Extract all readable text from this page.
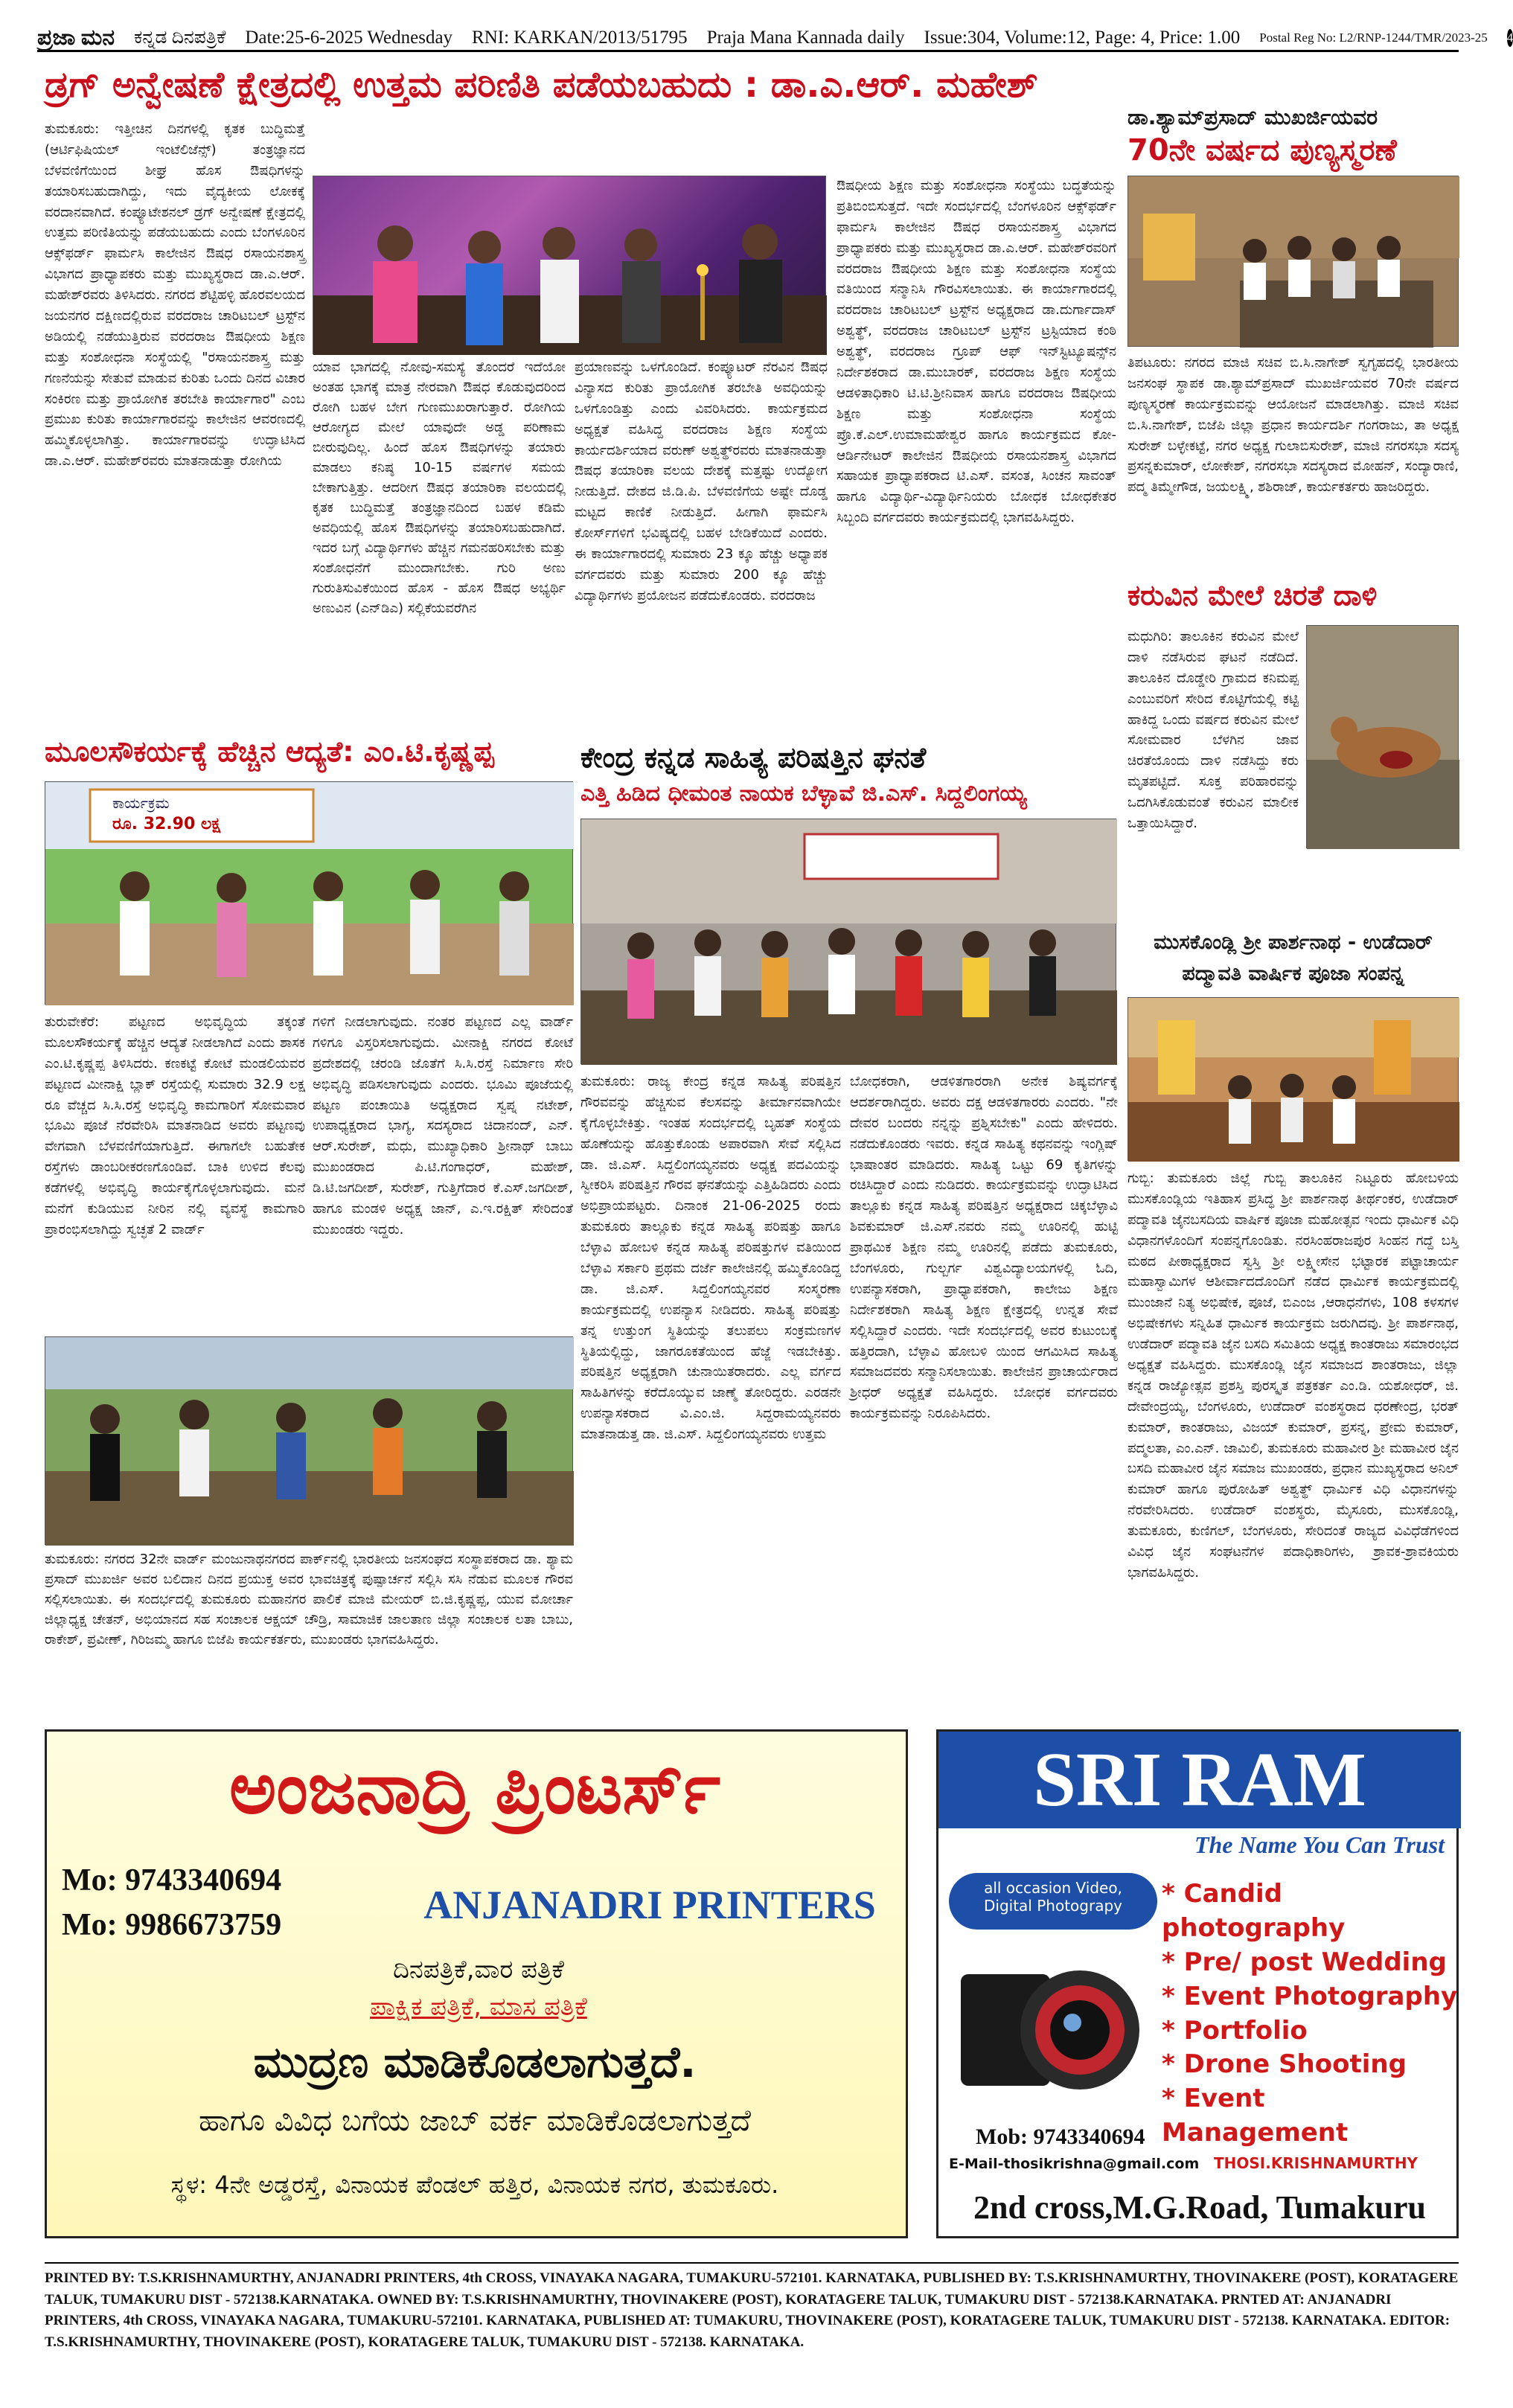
ಪ್ರಜಾ ಮನ ಕನ್ನಡ ದಿನಪತ್ರಿಕೆ Date:25-6-2025 Wednesday RNI: KARKAN/2013/51795 Praja Mana Kannada daily Issue:304, Volume:12, Page: 4, Price: 1.00 Postal Reg No: L2/RNP-1244/TMR/2023-25 4
ಡ್ರಗ್ ಅನ್ವೇಷಣೆ ಕ್ಷೇತ್ರದಲ್ಲಿ ಉತ್ತಮ ಪರಿಣಿತಿ ಪಡೆಯಬಹುದು : ಡಾ.ಎ.ಆರ್. ಮಹೇಶ್
ತುಮಕೂರು: ಇತ್ತೀಚಿನ ದಿನಗಳಲ್ಲಿ ಕೃತಕ ಬುದ್ಧಿಮತ್ತೆ (ಆರ್ಟಿಫಿಷಿಯಲ್ ಇಂಟೆಲಿಜೆನ್ಸ್) ತಂತ್ರಜ್ಞಾನದ ಬೆಳವಣಿಗೆಯಿಂದ ಶೀಘ್ರ ಹೊಸ ಔಷಧಿಗಳನ್ನು ತಯಾರಿಸಬಹುದಾಗಿದ್ದು, ಇದು ವೈದ್ಯಕೀಯ ಲೋಕಕ್ಕೆ ವರದಾನವಾಗಿದೆ. ಕಂಪ್ಯೂಟೇಶನಲ್ ಡ್ರಗ್ ಅನ್ವೇಷಣೆ ಕ್ಷೇತ್ರದಲ್ಲಿ ಉತ್ತಮ ಪರಿಣಿತಿಯನ್ನು ಪಡೆಯಬಹುದು ಎಂದು ಬೆಂಗಳೂರಿನ ಆಕ್ಸ್‌ಫರ್ಡ್ ಫಾರ್ಮಸಿ ಕಾಲೇಜಿನ ಔಷಧ ರಸಾಯನಶಾಸ್ತ್ರ ವಿಭಾಗದ ಪ್ರಾಧ್ಯಾಪಕರು ಮತ್ತು ಮುಖ್ಯಸ್ಥರಾದ ಡಾ.ಎ.ಆರ್. ಮಹೇಶ್‌ರವರು ತಿಳಿಸಿದರು. ನಗರದ ಶೆಟ್ಟಿಹಳ್ಳಿ ಹೊರವಲಯದ ಜಯನಗರ ದಕ್ಷಿಣದಲ್ಲಿರುವ ವರದರಾಜ ಚಾರಿಟಬಲ್ ಟ್ರಸ್ಟ್‌ನ ಅಡಿಯಲ್ಲಿ ನಡೆಯುತ್ತಿರುವ ವರದರಾಜ ಔಷಧೀಯ ಶಿಕ್ಷಣ ಮತ್ತು ಸಂಶೋಧನಾ ಸಂಸ್ಥೆಯಲ್ಲಿ "ರಸಾಯನಶಾಸ್ತ್ರ ಮತ್ತು ಗಣನೆಯನ್ನು ಸೇತುವೆ ಮಾಡುವ ಕುರಿತು ಒಂದು ದಿನದ ವಿಚಾರ ಸಂಕಿರಣ ಮತ್ತು ಪ್ರಾಯೋಗಿಕ ತರಬೇತಿ ಕಾರ್ಯಾಗಾರ" ಎಂಬ ಪ್ರಮುಖ ಕುರಿತು ಕಾರ್ಯಾಗಾರವನ್ನು ಕಾಲೇಜಿನ ಆವರಣದಲ್ಲಿ ಹಮ್ಮಿಕೊಳ್ಳಲಾಗಿತ್ತು. ಕಾರ್ಯಾಗಾರವನ್ನು ಉದ್ಘಾಟಿಸಿದ ಡಾ.ಎ.ಆರ್. ಮಹೇಶ್‌ರವರು ಮಾತನಾಡುತ್ತಾ ರೋಗಿಯ
ಯಾವ ಭಾಗದಲ್ಲಿ ನೋವು-ಸಮಸ್ಯೆ ತೊಂದರೆ ಇದೆಯೋ ಅಂತಹ ಭಾಗಕ್ಕೆ ಮಾತ್ರ ನೇರವಾಗಿ ಔಷಧ ಕೊಡುವುದರಿಂದ ರೋಗಿ ಬಹಳ ಬೇಗ ಗುಣಮುಖರಾಗುತ್ತಾರೆ. ರೋಗಿಯ ಆರೋಗ್ಯದ ಮೇಲೆ ಯಾವುದೇ ಅಡ್ಡ ಪರಿಣಾಮ ಬೀರುವುದಿಲ್ಲ. ಹಿಂದೆ ಹೊಸ ಔಷಧಿಗಳನ್ನು ತಯಾರು ಮಾಡಲು ಕನಿಷ್ಠ 10-15 ವರ್ಷಗಳ ಸಮಯ ಬೇಕಾಗುತ್ತಿತ್ತು. ಆದರೀಗ ಔಷಧ ತಯಾರಿಕಾ ವಲಯದಲ್ಲಿ ಕೃತಕ ಬುದ್ಧಿಮತ್ತೆ ತಂತ್ರಜ್ಞಾನದಿಂದ ಬಹಳ ಕಡಿಮೆ ಅವಧಿಯಲ್ಲಿ ಹೊಸ ಔಷಧಿಗಳನ್ನು ತಯಾರಿಸಬಹುದಾಗಿದೆ. ಇದರ ಬಗ್ಗೆ ವಿದ್ಯಾರ್ಥಿಗಳು ಹೆಚ್ಚಿನ ಗಮನಹರಿಸಬೇಕು ಮತ್ತು ಸಂಶೋಧನೆಗೆ ಮುಂದಾಗಬೇಕು. ಗುರಿ ಅಣು ಗುರುತಿಸುವಿಕೆಯಿಂದ ಹೊಸ - ಹೊಸ ಔಷಧ ಅಭ್ಯರ್ಥಿ ಅಣುವಿನ (ಎನ್‌ಡಿಎ) ಸಲ್ಲಿಕೆಯವರೆಗಿನ
ಪ್ರಯಾಣವನ್ನು ಒಳಗೊಂಡಿದೆ. ಕಂಪ್ಯೂಟರ್ ನೆರವಿನ ಔಷಧ ವಿನ್ಯಾಸದ ಕುರಿತು ಪ್ರಾಯೋಗಿಕ ತರಬೇತಿ ಅವಧಿಯನ್ನು ಒಳಗೊಂಡಿತ್ತು ಎಂದು ವಿವರಿಸಿದರು. ಕಾರ್ಯಕ್ರಮದ ಅಧ್ಯಕ್ಷತೆ ವಹಿಸಿದ್ದ ವರದರಾಜ ಶಿಕ್ಷಣ ಸಂಸ್ಥೆಯ ಕಾರ್ಯದರ್ಶಿಯಾದ ವರುಣ್ ಅಶ್ವತ್ಥ್‌ರವರು ಮಾತನಾಡುತ್ತಾ ಔಷಧ ತಯಾರಿಕಾ ವಲಯ ದೇಶಕ್ಕೆ ಮತ್ತಷ್ಟು ಉದ್ಯೋಗ ನೀಡುತ್ತಿದೆ. ದೇಶದ ಜಿ.ಡಿ.ಪಿ. ಬೆಳವಣಿಗೆಯ ಅಷ್ಟೇ ದೊಡ್ಡ ಮಟ್ಟದ ಕಾಣಿಕೆ ನೀಡುತ್ತಿದೆ. ಹೀಗಾಗಿ ಫಾರ್ಮಸಿ ಕೋರ್ಸ್‌ಗಳಿಗೆ ಭವಿಷ್ಯದಲ್ಲಿ ಬಹಳ ಬೇಡಿಕೆಯಿದೆ ಎಂದರು. ಈ ಕಾರ್ಯಾಗಾರದಲ್ಲಿ ಸುಮಾರು 23 ಕ್ಕೂ ಹೆಚ್ಚು ಅಧ್ಯಾಪಕ ವರ್ಗದವರು ಮತ್ತು ಸುಮಾರು 200 ಕ್ಕೂ ಹೆಚ್ಚು ವಿದ್ಯಾರ್ಥಿಗಳು ಪ್ರಯೋಜನ ಪಡೆದುಕೊಂಡರು. ವರದರಾಜ
ಔಷಧೀಯ ಶಿಕ್ಷಣ ಮತ್ತು ಸಂಶೋಧನಾ ಸಂಸ್ಥೆಯು ಬದ್ಧತೆಯನ್ನು ಪ್ರತಿಬಿಂಬಿಸುತ್ತದೆ. ಇದೇ ಸಂದರ್ಭದಲ್ಲಿ ಬೆಂಗಳೂರಿನ ಆಕ್ಸ್‌ಫರ್ಡ್ ಫಾರ್ಮಸಿ ಕಾಲೇಜಿನ ಔಷಧ ರಸಾಯನಶಾಸ್ತ್ರ ವಿಭಾಗದ ಪ್ರಾಧ್ಯಾಪಕರು ಮತ್ತು ಮುಖ್ಯಸ್ಥರಾದ ಡಾ.ಎ.ಆರ್. ಮಹೇಶ್‌ರವರಿಗೆ ವರದರಾಜ ಔಷಧೀಯ ಶಿಕ್ಷಣ ಮತ್ತು ಸಂಶೋಧನಾ ಸಂಸ್ಥೆಯ ವತಿಯಿಂದ ಸನ್ಮಾನಿಸಿ ಗೌರವಿಸಲಾಯಿತು. ಈ ಕಾರ್ಯಾಗಾರದಲ್ಲಿ ವರದರಾಜ ಚಾರಿಟಬಲ್ ಟ್ರಸ್ಟ್‌ನ ಅಧ್ಯಕ್ಷರಾದ ಡಾ.ದುರ್ಗಾದಾಸ್ ಅಶ್ವತ್ಥ್, ವರದರಾಜ ಚಾರಿಟಬಲ್ ಟ್ರಸ್ಟ್‌ನ ಟ್ರಸ್ಟಿಯಾದ ಕಂಠಿ ಅಶ್ವತ್ಥ್, ವರದರಾಜ ಗ್ರೂಪ್ ಆಫ್ ಇನ್‌ಸ್ಟಿಟ್ಯೂಷನ್ಸ್‌ನ ನಿರ್ದೇಶಕರಾದ ಡಾ.ಮುಬಾರಕ್, ವರದರಾಜ ಶಿಕ್ಷಣ ಸಂಸ್ಥೆಯ ಆಡಳಿತಾಧಿಕಾರಿ ಟಿ.ಟಿ.ಶ್ರೀನಿವಾಸ ಹಾಗೂ ವರದರಾಜ ಔಷಧೀಯ ಶಿಕ್ಷಣ ಮತ್ತು ಸಂಶೋಧನಾ ಸಂಸ್ಥೆಯ ಪ್ರೊ.ಕೆ.ಎಲ್.ಉಮಾಮಹೇಶ್ವರ ಹಾಗೂ ಕಾರ್ಯಕ್ರಮದ ಕೋ-ಆರ್ಡಿನೇಟರ್ ಕಾಲೇಜಿನ ಔಷಧೀಯ ರಸಾಯನಶಾಸ್ತ್ರ ವಿಭಾಗದ ಸಹಾಯಕ ಪ್ರಾಧ್ಯಾಪಕರಾದ ಟಿ.ಎಸ್. ವಸಂತ, ಸಿಂಚನ ಸಾವಂತ್ ಹಾಗೂ ವಿದ್ಯಾರ್ಥಿ-ವಿದ್ಯಾರ್ಥಿನಿಯರು ಬೋಧಕ ಬೋಧಕೇತರ ಸಿಬ್ಬಂದಿ ವರ್ಗದವರು ಕಾರ್ಯಕ್ರಮದಲ್ಲಿ ಭಾಗವಹಿಸಿದ್ದರು.
ಡಾ.ಶ್ಯಾಮ್‌ಪ್ರಸಾದ್ ಮುಖರ್ಜಿಯವರ
70ನೇ ವರ್ಷದ ಪುಣ್ಯಸ್ಮರಣೆ
ತಿಪಟೂರು: ನಗರದ ಮಾಜಿ ಸಚಿವ ಬಿ.ಸಿ.ನಾಗೇಶ್ ಸ್ವಗೃಹದಲ್ಲಿ ಭಾರತೀಯ ಜನಸಂಘ ಸ್ಥಾಪಕ ಡಾ.ಶ್ಯಾಮ್‌ಪ್ರಸಾದ್ ಮುಖರ್ಜಿಯವರ 70ನೇ ವರ್ಷದ ಪುಣ್ಯಸ್ಮರಣೆ ಕಾರ್ಯಕ್ರಮವನ್ನು ಆಯೋಜನೆ ಮಾಡಲಾಗಿತ್ತು. ಮಾಜಿ ಸಚಿವ ಬಿ.ಸಿ.ನಾಗೇಶ್, ಬಿಜೆಪಿ ಜಿಲ್ಲಾ ಪ್ರಧಾನ ಕಾರ್ಯದರ್ಶಿ ಗಂಗರಾಜು, ತಾ ಅಧ್ಯಕ್ಷ ಸುರೇಶ್ ಬಳ್ಳೇಕಟ್ಟೆ, ನಗರ ಅಧ್ಯಕ್ಷ ಗುಲಾಬಿಸುರೇಶ್, ಮಾಜಿ ನಗರಸಭಾ ಸದಸ್ಯ ಪ್ರಸನ್ನಕುಮಾರ್, ಲೋಕೇಶ್, ನಗರಸಭಾ ಸದಸ್ಯರಾದ ಮೋಹನ್, ಸಂದ್ಯಾರಾಣಿ, ಪದ್ಮ ತಿಮ್ಮೇಗೌಡ, ಜಯಲಕ್ಷ್ಮಿ, ಶಶಿರಾಜ್, ಕಾರ್ಯಕರ್ತರು ಹಾಜರಿದ್ದರು.
ಕರುವಿನ ಮೇಲೆ ಚಿರತೆ ದಾಳಿ
ಮಧುಗಿರಿ: ತಾಲೂಕಿನ ಕರುವಿನ ಮೇಲೆ ದಾಳಿ ನಡೆಸಿರುವ ಘಟನೆ ನಡೆದಿದೆ. ತಾಲೂಕಿನ ದೊಡ್ಡೇರಿ ಗ್ರಾಮದ ಕನಿಮಪ್ಪ ಎಂಬುವರಿಗೆ ಸೇರಿದ ಕೊಟ್ಟಿಗೆಯಲ್ಲಿ ಕಟ್ಟಿ ಹಾಕಿದ್ದ ಒಂದು ವರ್ಷದ ಕರುವಿನ ಮೇಲೆ ಸೋಮವಾರ ಬೆಳಗಿನ ಜಾವ ಚಿರತೆಯೊಂದು ದಾಳಿ ನಡೆಸಿದ್ದು ಕರು ಮೃತಪಟ್ಟಿದೆ. ಸೂಕ್ತ ಪರಿಹಾರವನ್ನು ಒದಗಿಸಿಕೊಡುವಂತೆ ಕರುವಿನ ಮಾಲೀಕ ಒತ್ತಾಯಿಸಿದ್ದಾರೆ.
ಮುಸಕೊಂಡ್ಲಿ ಶ್ರೀ ಪಾರ್ಶನಾಥ - ಉಡೆದಾರ್
ಪದ್ಮಾವತಿ ವಾರ್ಷಿಕ ಪೂಜಾ ಸಂಪನ್ನ
ಗುಬ್ಬಿ: ತುಮಕೂರು ಜಿಲ್ಲೆ ಗುಬ್ಬಿ ತಾಲೂಕಿನ ನಿಟ್ಟೂರು ಹೋಬಳಿಯ ಮುಸಕೊಂಡ್ಲಿಯ ಇತಿಹಾಸ ಪ್ರಸಿದ್ಧ ಶ್ರೀ ಪಾರ್ಶನಾಥ ತೀರ್ಥಂಕರ, ಉಡೆದಾರ್ ಪದ್ಮಾವತಿ ಜೈನಬಸದಿಯ ವಾರ್ಷಿಕ ಪೂಜಾ ಮಹೋತ್ಸವ ಇಂದು ಧಾರ್ಮಿಕ ವಿಧಿ ವಿಧಾನಗಳೊಂದಿಗೆ ಸಂಪನ್ನಗೊಂಡಿತು. ನರಸಿಂಹರಾಜಪುರ ಸಿಂಹನ ಗದ್ದೆ ಬಸ್ತಿ ಮಠದ ಪೀಠಾಧ್ಯಕ್ಷರಾದ ಸ್ವಸ್ತಿ ಶ್ರೀ ಲಕ್ಷ್ಮೀಸೇನ ಭಟ್ಟಾರಕ ಪಟ್ಟಾಚಾರ್ಯ ಮಹಾಸ್ವಾಮಿಗಳ ಆಶೀರ್ವಾದದೊಂದಿಗೆ ನಡೆದ ಧಾರ್ಮಿಕ ಕಾರ್ಯಕ್ರಮದಲ್ಲಿ ಮುಂಜಾನೆ ನಿತ್ಯ ಅಭಿಷೇಕ, ಪೂಜೆ, ಬಿಎಂಜ ,ಆರಾಧನೆಗಳು, 108 ಕಳಸಗಳ ಅಭಿಷೇಕಗಳು ಸನ್ನಿಹಿತ ಧಾರ್ಮಿಕ ಕಾರ್ಯಕ್ರಮ ಜರುಗಿದವು. ಶ್ರೀ ಪಾರ್ಶನಾಥ, ಉಡೆದಾರ್ ಪದ್ಮಾವತಿ ಜೈನ ಬಸದಿ ಸಮಿತಿಯ ಅಧ್ಯಕ್ಷ ಕಾಂತರಾಜು ಸಮಾರಂಭದ ಅಧ್ಯಕ್ಷತೆ ವಹಿಸಿದ್ದರು. ಮುಸಕೊಂಡ್ಲಿ ಜೈನ ಸಮಾಜದ ಶಾಂತರಾಜು, ಜಿಲ್ಲಾ ಕನ್ನಡ ರಾಜ್ಯೋತ್ಸವ ಪ್ರಶಸ್ತಿ ಪುರಸ್ಕೃತ ಪತ್ರಕರ್ತ ಎಂ.ಡಿ. ಯಶೋಧರ್, ಜಿ. ದೇವೇಂದ್ರಯ್ಯ, ಬೆಂಗಳೂರು, ಉಡೆದಾರ್ ವಂಶಸ್ಥರಾದ ಧರಣೇಂದ್ರ, ಭರತ್ ಕುಮಾರ್, ಕಾಂತರಾಜು, ವಿಜಯ್ ಕುಮಾರ್, ಪ್ರಸನ್ನ, ಪ್ರೇಮ ಕುಮಾರ್, ಪದ್ಮಲತಾ, ಎಂ.ಎನ್. ಜಾಮಿಲಿ, ತುಮಕೂರು ಮಹಾವೀರ ಶ್ರೀ ಮಹಾವೀರ ಜೈನ ಬಸದಿ ಮಹಾವೀರ ಜೈನ ಸಮಾಜ ಮುಖಂಡರು, ಪ್ರಧಾನ ಮುಖ್ಯಸ್ಥರಾದ ಅನಿಲ್ ಕುಮಾರ್ ಹಾಗೂ ಪುರೋಹಿತ್ ಅಶ್ವತ್ಥ್ ಧಾರ್ಮಿಕ ವಿಧಿ ವಿಧಾನಗಳನ್ನು ನೆರವೇರಿಸಿದರು. ಉಡೆದಾರ್ ವಂಶಸ್ಥರು, ಮೈಸೂರು, ಮುಸಕೊಂಡ್ಲಿ, ತುಮಕೂರು, ಕುಣಿಗಲ್, ಬೆಂಗಳೂರು, ಸೇರಿದಂತೆ ರಾಜ್ಯದ ವಿವಿಧೆಡೆಗಳಿಂದ ವಿವಿಧ ಜೈನ ಸಂಘಟನೆಗಳ ಪದಾಧಿಕಾರಿಗಳು, ಶ್ರಾವಕ-ಶ್ರಾವಕಿಯರು ಭಾಗವಹಿಸಿದ್ದರು.
ಮೂಲಸೌಕರ್ಯಕ್ಕೆ ಹೆಚ್ಚಿನ ಆದ್ಯತೆ: ಎಂ.ಟಿ.ಕೃಷ್ಣಪ್ಪ
ಕಾರ್ಯಕ್ರಮ
ರೂ. 32.90 ಲಕ್ಷ
ತುರುವೇಕೆರೆ: ಪಟ್ಟಣದ ಅಭಿವೃದ್ಧಿಯ ತಕ್ಕಂತೆ ಮೂಲಸೌಕರ್ಯಕ್ಕೆ ಹೆಚ್ಚಿನ ಆದ್ಯತೆ ನೀಡಲಾಗಿದೆ ಎಂದು ಶಾಸಕ ಎಂ.ಟಿ.ಕೃಷ್ಣಪ್ಪ ತಿಳಿಸಿದರು. ಕಣಕಟ್ಟೆ ಕೋಟೆ ಮಂಡಲಿಯವರ ಪಟ್ಟಣದ ಮೀನಾಕ್ಷಿ ಬ್ಲಾಕ್ ರಸ್ತೆಯಲ್ಲಿ ಸುಮಾರು 32.9 ಲಕ್ಷ ರೂ ವೆಚ್ಚದ ಸಿ.ಸಿ.ರಸ್ತೆ ಅಭಿವೃದ್ಧಿ ಕಾಮಗಾರಿಗೆ ಸೋಮವಾರ ಭೂಮಿ ಪೂಜೆ ನೆರವೇರಿಸಿ ಮಾತನಾಡಿದ ಅವರು ಪಟ್ಟಣವು ವೇಗವಾಗಿ ಬೆಳವಣಿಗೆಯಾಗುತ್ತಿದೆ. ಈಗಾಗಲೇ ಬಹುತೇಕ ರಸ್ತೆಗಳು ಡಾಂಬರೀಕರಣಗೊಂಡಿವೆ. ಬಾಕಿ ಉಳಿದ ಕೆಲವು ಕಡೆಗಳಲ್ಲಿ ಅಭಿವೃದ್ಧಿ ಕಾರ್ಯಕೈಗೊಳ್ಳಲಾಗುವುದು. ಮನೆ ಮನೆಗೆ ಕುಡಿಯುವ ನೀರಿನ ನಲ್ಲಿ ವ್ಯವಸ್ಥೆ ಕಾಮಗಾರಿ ಪ್ರಾರಂಭಿಸಲಾಗಿದ್ದು ಸ್ವಚ್ಛತೆ 2 ವಾರ್ಡ್
ಗಳಿಗೆ ನೀಡಲಾಗುವುದು. ನಂತರ ಪಟ್ಟಣದ ಎಲ್ಲ ವಾರ್ಡ್ ಗಳಿಗೂ ವಿಸ್ತರಿಸಲಾಗುವುದು. ಮೀನಾಕ್ಷಿ ನಗರದ ಕೋಟೆ ಪ್ರದೇಶದಲ್ಲಿ ಚರಂಡಿ ಜೊತೆಗೆ ಸಿ.ಸಿ.ರಸ್ತೆ ನಿರ್ಮಾಣ ಸೇರಿ ಅಭಿವೃದ್ಧಿ ಪಡಿಸಲಾಗುವುದು ಎಂದರು. ಭೂಮಿ ಪೂಜೆಯಲ್ಲಿ ಪಟ್ಟಣ ಪಂಚಾಯಿತಿ ಅಧ್ಯಕ್ಷರಾದ ಸ್ವಪ್ನ ನಟೇಶ್, ಉಪಾಧ್ಯಕ್ಷರಾದ ಭಾಗ್ಯ, ಸದಸ್ಯರಾದ ಚಿದಾನಂದ್, ಎನ್. ಆರ್.ಸುರೇಶ್, ಮಧು, ಮುಖ್ಯಾಧಿಕಾರಿ ಶ್ರೀನಾಥ್ ಬಾಬು ಮುಖಂಡರಾದ ಪಿ.ಟಿ.ಗಂಗಾಧರ್, ಮಹೇಶ್, ಡಿ.ಟಿ.ಜಗದೀಶ್, ಸುರೇಶ್, ಗುತ್ತಿಗೆದಾರ ಕೆ.ಎಸ್.ಜಗದೀಶ್, ಹಾಗೂ ಮಂಡಳಿ ಅಧ್ಯಕ್ಷ ಜಾನ್, ಎ.ಇ.ರಕ್ಷಿತ್ ಸೇರಿದಂತೆ ಮುಖಂಡರು ಇದ್ದರು.
ತುಮಕೂರು: ನಗರದ 32ನೇ ವಾರ್ಡ್ ಮಂಜುನಾಥನಗರದ ಪಾರ್ಕ್‌ನಲ್ಲಿ ಭಾರತೀಯ ಜನಸಂಘದ ಸಂಸ್ಥಾಪಕರಾದ ಡಾ. ಶ್ಯಾಮ ಪ್ರಸಾದ್ ಮುಖರ್ಜಿ ಅವರ ಬಲಿದಾನ ದಿನದ ಪ್ರಯುಕ್ತ ಅವರ ಭಾವಚಿತ್ರಕ್ಕೆ ಪುಷ್ಪಾರ್ಚನೆ ಸಲ್ಲಿಸಿ ಸಸಿ ನೆಡುವ ಮೂಲಕ ಗೌರವ ಸಲ್ಲಿಸಲಾಯಿತು. ಈ ಸಂದರ್ಭದಲ್ಲಿ ತುಮಕೂರು ಮಹಾನಗರ ಪಾಲಿಕೆ ಮಾಜಿ ಮೇಯರ್ ಬಿ.ಜಿ.ಕೃಷ್ಣಪ್ಪ, ಯುವ ಮೋರ್ಚಾ ಜಿಲ್ಲಾಧ್ಯಕ್ಷ ಚೇತನ್, ಅಭಿಯಾನದ ಸಹ ಸಂಚಾಲಕ ಆಕ್ಷಯ್ ಚೌಡ್ರಿ, ಸಾಮಾಜಿಕ ಜಾಲತಾಣ ಜಿಲ್ಲಾ ಸಂಚಾಲಕ ಲತಾ ಬಾಬು, ರಾಕೇಶ್, ಪ್ರವೀಣ್, ಗಿರಿಜಮ್ಮ ಹಾಗೂ ಬಿಜೆಪಿ ಕಾರ್ಯಕರ್ತರು, ಮುಖಂಡರು ಭಾಗವಹಿಸಿದ್ದರು.
ಕೇಂದ್ರ ಕನ್ನಡ ಸಾಹಿತ್ಯ ಪರಿಷತ್ತಿನ ಘನತೆ
ಎತ್ತಿ ಹಿಡಿದ ಧೀಮಂತ ನಾಯಕ ಬೆಳ್ಳಾವೆ ಜಿ.ಎಸ್. ಸಿದ್ದಲಿಂಗಯ್ಯ
ತುಮಕೂರು: ರಾಜ್ಯ ಕೇಂದ್ರ ಕನ್ನಡ ಸಾಹಿತ್ಯ ಪರಿಷತ್ತಿನ ಗೌರವವನ್ನು ಹೆಚ್ಚಿಸುವ ಕೆಲಸವನ್ನು ತೀರ್ಮಾನವಾಗಿಯೇ ಕೈಗೊಳ್ಳಬೇಕಿತ್ತು. ಇಂತಹ ಸಂದರ್ಭದಲ್ಲಿ ಬೃಹತ್ ಸಂಸ್ಥೆಯ ಹೊಣೆಯನ್ನು ಹೊತ್ತುಕೊಂಡು ಅಪಾರವಾಗಿ ಸೇವೆ ಸಲ್ಲಿಸಿದ ಡಾ. ಜಿ.ಎಸ್. ಸಿದ್ದಲಿಂಗಯ್ಯನವರು ಅಧ್ಯಕ್ಷ ಪದವಿಯನ್ನು ಸ್ವೀಕರಿಸಿ ಪರಿಷತ್ತಿನ ಗೌರವ ಘನತೆಯನ್ನು ಎತ್ತಿಹಿಡಿದರು ಎಂದು ಅಭಿಪ್ರಾಯಪಟ್ಟರು. ದಿನಾಂಕ 21-06-2025 ರಂದು ತುಮಕೂರು ತಾಲ್ಲೂಕು ಕನ್ನಡ ಸಾಹಿತ್ಯ ಪರಿಷತ್ತು ಹಾಗೂ ಬೆಳ್ಳಾವಿ ಹೋಬಳಿ ಕನ್ನಡ ಸಾಹಿತ್ಯ ಪರಿಷತ್ತುಗಳ ವತಿಯಿಂದ ಬೆಳ್ಳಾವಿ ಸರ್ಕಾರಿ ಪ್ರಥಮ ದರ್ಜೆ ಕಾಲೇಜಿನಲ್ಲಿ ಹಮ್ಮಿಕೊಂಡಿದ್ದ ಡಾ. ಜಿ.ಎಸ್. ಸಿದ್ದಲಿಂಗಯ್ಯನವರ ಸಂಸ್ಮರಣಾ ಕಾರ್ಯಕ್ರಮದಲ್ಲಿ ಉಪನ್ಯಾಸ ನೀಡಿದರು. ಸಾಹಿತ್ಯ ಪರಿಷತ್ತು ತನ್ನ ಉತ್ತುಂಗ ಸ್ಥಿತಿಯನ್ನು ತಲುಪಲು ಸಂಕ್ರಮಣಗಳ ಸ್ಥಿತಿಯಲ್ಲಿದ್ದು, ಜಾಗರೂಕತೆಯಿಂದ ಹೆಜ್ಜೆ ಇಡಬೇಕಿತ್ತು. ಪರಿಷತ್ತಿನ ಅಧ್ಯಕ್ಷರಾಗಿ ಚುನಾಯಿತರಾದರು. ಎಲ್ಲ ವರ್ಗದ ಸಾಹಿತಿಗಳನ್ನು ಕರೆದೊಯ್ಯುವ ಜಾಣ್ಮೆ ತೋರಿದ್ದರು. ಎರಡನೇ ಉಪನ್ಯಾಸಕರಾದ ವಿ.ಎಂ.ಜಿ. ಸಿದ್ದರಾಮಯ್ಯನವರು ಮಾತನಾಡುತ್ತ ಡಾ. ಜಿ.ಎಸ್. ಸಿದ್ದಲಿಂಗಯ್ಯನವರು ಉತ್ತಮ
ಬೋಧಕರಾಗಿ, ಆಡಳಿತಗಾರರಾಗಿ ಅನೇಕ ಶಿಷ್ಯವರ್ಗಕ್ಕೆ ಆದರ್ಶರಾಗಿದ್ದರು. ಅವರು ದಕ್ಷ ಆಡಳಿತಗಾರರು ಎಂದರು. "ನೇ ದೇವರ ಬಂದರು ನನ್ನನ್ನು ಪ್ರಶ್ನಿಸಬೇಕು" ಎಂದು ಹೇಳಿದರು. ನಡೆದುಕೊಂಡರು ಇವರು. ಕನ್ನಡ ಸಾಹಿತ್ಯ ಕಥನವನ್ನು ಇಂಗ್ಲಿಷ್ ಭಾಷಾಂತರ ಮಾಡಿದರು. ಸಾಹಿತ್ಯ ಒಟ್ಟು 69 ಕೃತಿಗಳನ್ನು ರಚಿಸಿದ್ದಾರೆ ಎಂದು ನುಡಿದರು. ಕಾರ್ಯಕ್ರಮವನ್ನು ಉದ್ಘಾಟಿಸಿದ ತಾಲ್ಲೂಕು ಕನ್ನಡ ಸಾಹಿತ್ಯ ಪರಿಷತ್ತಿನ ಅಧ್ಯಕ್ಷರಾದ ಚಿಕ್ಕಬೆಳ್ಳಾವಿ ಶಿವಕುಮಾರ್ ಜಿ.ಎಸ್.ನವರು ನಮ್ಮ ಊರಿನಲ್ಲಿ ಹುಟ್ಟಿ ಪ್ರಾಥಮಿಕ ಶಿಕ್ಷಣ ನಮ್ಮ ಊರಿನಲ್ಲಿ ಪಡೆದು ತುಮಕೂರು, ಬೆಂಗಳೂರು, ಗುಲ್ಬರ್ಗ ವಿಶ್ವವಿದ್ಯಾಲಯಗಳಲ್ಲಿ ಓದಿ, ಉಪನ್ಯಾಸಕರಾಗಿ, ಪ್ರಾಧ್ಯಾಪಕರಾಗಿ, ಕಾಲೇಜು ಶಿಕ್ಷಣ ನಿರ್ದೇಶಕರಾಗಿ ಸಾಹಿತ್ಯ ಶಿಕ್ಷಣ ಕ್ಷೇತ್ರದಲ್ಲಿ ಉನ್ನತ ಸೇವೆ ಸಲ್ಲಿಸಿದ್ದಾರೆ ಎಂದರು. ಇದೇ ಸಂದರ್ಭದಲ್ಲಿ ಅವರ ಕುಟುಂಬಕ್ಕೆ ಹತ್ತಿರದಾಗಿ, ಬೆಳ್ಳಾವಿ ಹೋಬಳಿ ಯಿಂದ ಆಗಮಿಸಿದ ಸಾಹಿತ್ಯ ಸಮಾಜದವರು ಸನ್ಮಾನಿಸಲಾಯಿತು. ಕಾಲೇಜಿನ ಪ್ರಾಚಾರ್ಯರಾದ ಶ್ರೀಧರ್ ಅಧ್ಯಕ್ಷತೆ ವಹಿಸಿದ್ದರು. ಬೋಧಕ ವರ್ಗದವರು ಕಾರ್ಯಕ್ರಮವನ್ನು ನಿರೂಪಿಸಿದರು.
ಅಂಜನಾದ್ರಿ ಪ್ರಿಂಟರ್ಸ್
Mo: 9743340694
Mo: 9986673759	ANJANADRI PRINTERS
ದಿನಪತ್ರಿಕೆ,ವಾರ ಪತ್ರಿಕೆ
ಪಾಕ್ಷಿಕ ಪತ್ರಿಕೆ, ಮಾಸ ಪತ್ರಿಕೆ
ಮುದ್ರಣ ಮಾಡಿಕೊಡಲಾಗುತ್ತದೆ.
ಹಾಗೂ ವಿವಿಧ ಬಗೆಯ ಜಾಬ್ ವರ್ಕ ಮಾಡಿಕೊಡಲಾಗುತ್ತದೆ
ಸ್ಥಳ: 4ನೇ ಅಡ್ಡರಸ್ತೆ, ವಿನಾಯಕ ಪೆಂಡಲ್ ಹತ್ತಿರ, ವಿನಾಯಕ ನಗರ, ತುಮಕೂರು.
SRI RAM
The Name You Can Trust
all occasion Video,
Digital Photograpy	* Candid photography
* Pre/ post Wedding
* Event Photography
* Portfolio
* Drone Shooting
* Event Management
Mob: 9743340694
THOSI.KRISHNAMURTHY
E-Mail-thosikrishna@gmail.com
2nd cross,M.G.Road, Tumakuru
PRINTED BY: T.S.KRISHNAMURTHY, ANJANADRI PRINTERS, 4th CROSS, VINAYAKA NAGARA, TUMAKURU-572101. KARNATAKA, PUBLISHED BY: T.S.KRISHNAMURTHY, THOVINAKERE (POST), KORATAGERE TALUK, TUMAKURU DIST - 572138.KARNATAKA. OWNED BY: T.S.KRISHNAMURTHY, THOVINAKERE (POST), KORATAGERE TALUK, TUMAKURU DIST - 572138.KARNATAKA. PRNTED AT: ANJANADRI PRINTERS, 4th CROSS, VINAYAKA NAGARA, TUMAKURU-572101. KARNATAKA, PUBLISHED AT: TUMAKURU, THOVINAKERE (POST), KORATAGERE TALUK, TUMAKURU DIST - 572138. KARNATAKA. EDITOR: T.S.KRISHNAMURTHY, THOVINAKERE (POST), KORATAGERE TALUK, TUMAKURU DIST - 572138. KARNATAKA.
